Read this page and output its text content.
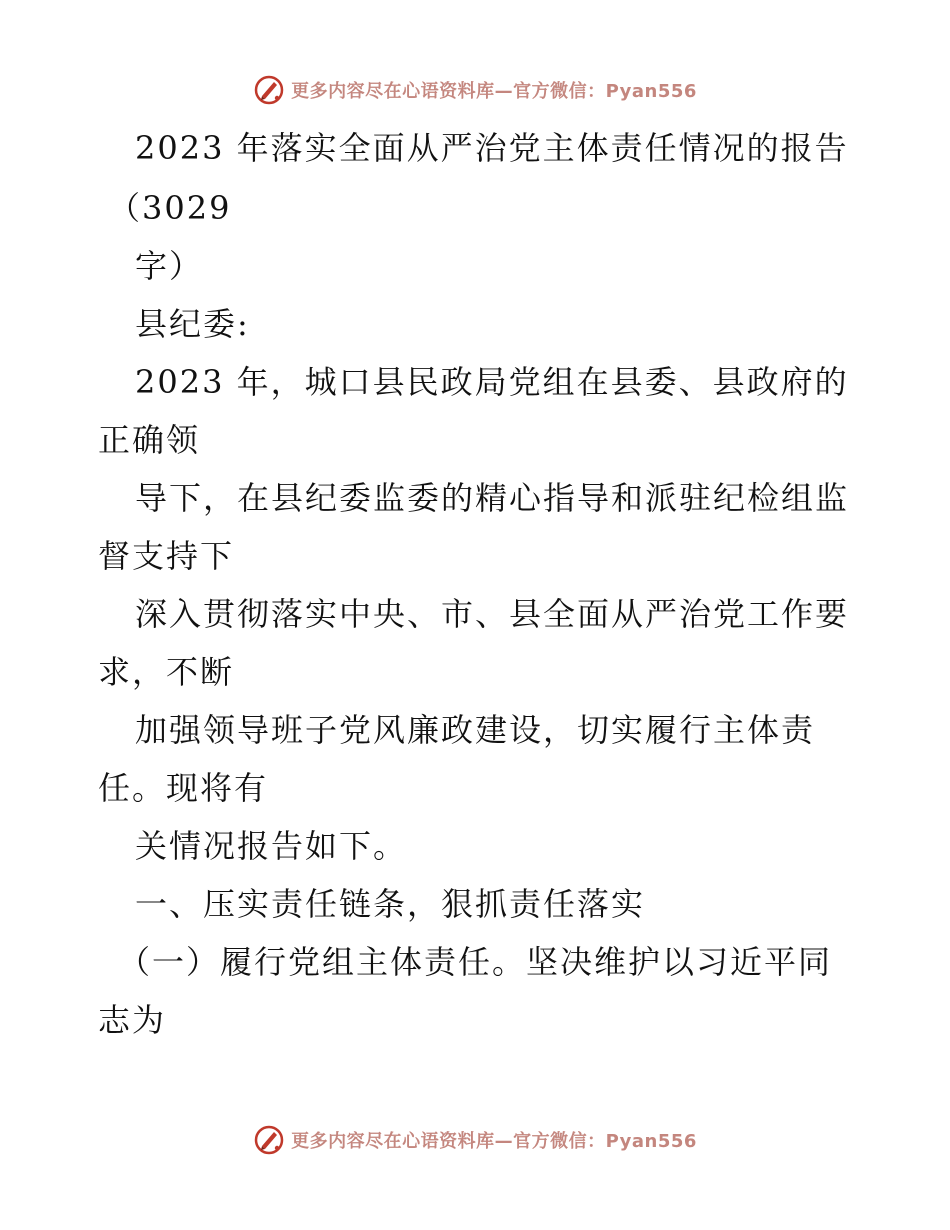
更多内容尽在心语资料库—官方微信：Pyan556
2023 年落实全面从严治党主体责任情况的报告
（3029
字）
县纪委:
2023 年，城口县民政局党组在县委、县政府的
正确领
导下，在县纪委监委的精心指导和派驻纪检组监
督支持下
深入贯彻落实中央、市、县全面从严治党工作要
求，不断
加强领导班子党风廉政建设，切实履行主体责
任。现将有
关情况报告如下。
一、压实责任链条，狠抓责任落实
（一）履行党组主体责任。坚决维护以习近平同
志为
更多内容尽在心语资料库—官方微信：Pyan556
